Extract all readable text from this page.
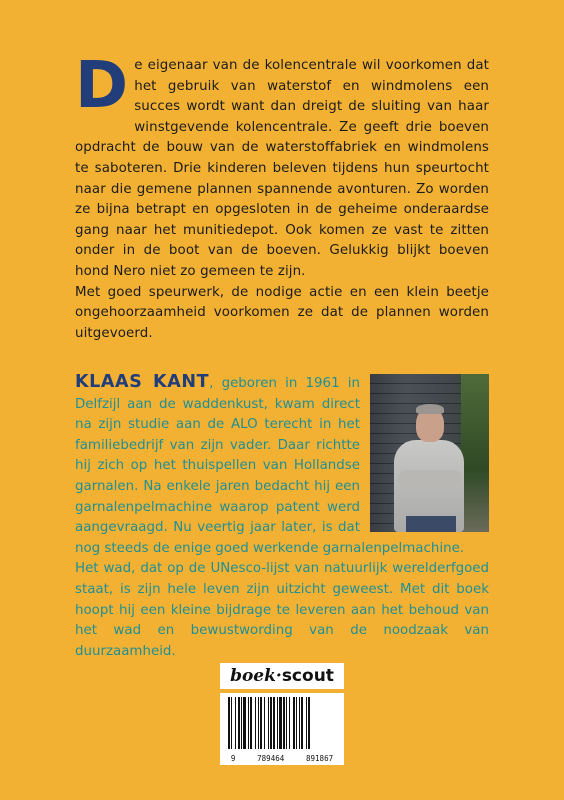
De eigenaar van de kolencentrale wil voorkomen dat het gebruik van waterstof en windmolens een succes wordt want dan dreigt de sluiting van haar winstgevende kolencentrale. Ze geeft drie boeven opdracht de bouw van de waterstoffabriek en windmolens te saboteren. Drie kinderen beleven tijdens hun speurtocht naar die gemene plannen spannende avonturen. Zo worden ze bijna betrapt en opgesloten in de geheime onderaardse gang naar het munitiedepot. Ook komen ze vast te zitten onder in de boot van de boeven. Gelukkig blijkt boeven hond Nero niet zo gemeen te zijn.

Met goed speurwerk, de nodige actie en een klein beetje ongehoorzaamheid voorkomen ze dat de plannen worden uitgevoerd.

KLAAS KANT, geboren in 1961 in Delfzijl aan de waddenkust, kwam direct na zijn studie aan de ALO terecht in het familiebedrijf van zijn vader. Daar richtte hij zich op het thuispellen van Hollandse garnalen. Na enkele jaren bedacht hij een garnalenpelmachine waarop patent werd aangevraagd. Nu veertig jaar later, is dat nog steeds de enige goed werkende garnalenpelmachine.

Het wad, dat op de UNesco-lijst van natuurlijk werelderfgoed staat, is zijn hele leven zijn uitzicht geweest. Met dit boek hoopt hij een kleine bijdrage te leveren aan het behoud van het wad en bewustwording van de noodzaak van duurzaamheid.

boek·scout
9	789464	891867
